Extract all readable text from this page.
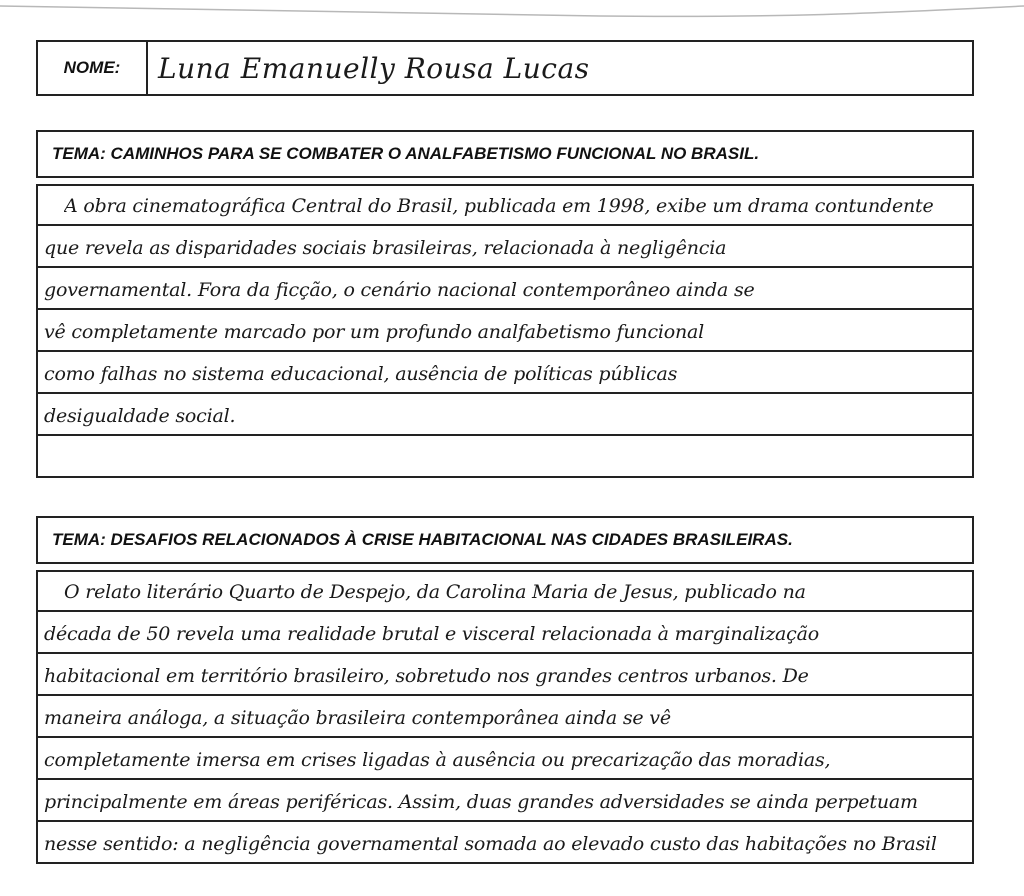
NOME:	Luna Emanuelly Rousa Lucas
TEMA: CAMINHOS PARA SE COMBATER O ANALFABETISMO FUNCIONAL NO BRASIL.
A obra cinematográfica Central do Brasil, publicada em 1998, exibe um drama contundente
que revela as disparidades sociais brasileiras, relacionada à negligência
governamental. Fora da ficção, o cenário nacional contemporâneo ainda se
vê completamente marcado por um profundo analfabetismo funcional
como falhas no sistema educacional, ausência de políticas públicas
desigualdade social.
TEMA: DESAFIOS RELACIONADOS À CRISE HABITACIONAL NAS CIDADES BRASILEIRAS.
O relato literário Quarto de Despejo, da Carolina Maria de Jesus, publicado na
década de 50 revela uma realidade brutal e visceral relacionada à marginalização
habitacional em território brasileiro, sobretudo nos grandes centros urbanos. De
maneira análoga, a situação brasileira contemporânea ainda se vê
completamente imersa em crises ligadas à ausência ou precarização das moradias,
principalmente em áreas periféricas. Assim, duas grandes adversidades se ainda perpetuam
nesse sentido: a negligência governamental somada ao elevado custo das habitações no Brasil
